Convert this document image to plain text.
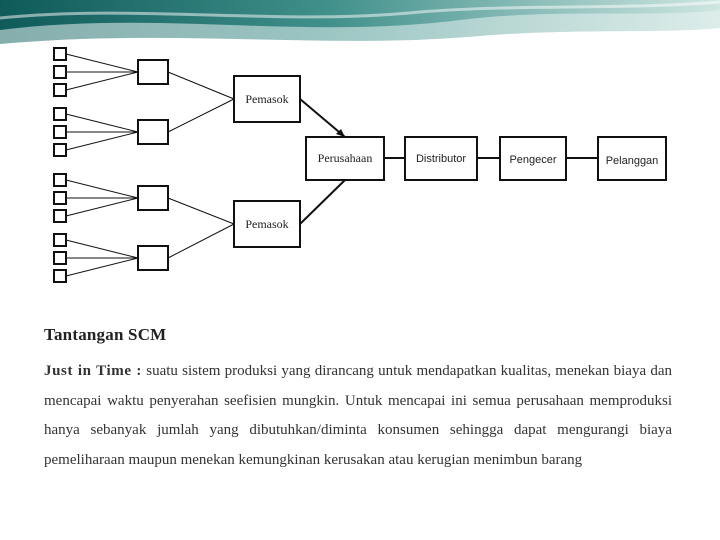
Pemasok
Pemasok
Perusahaan	Distributor	Pengecer	Pelanggan
Tantangan SCM

Just in Time : suatu sistem produksi yang dirancang untuk mendapatkan kualitas, menekan biaya dan mencapai waktu penyerahan seefisien mungkin. Untuk mencapai ini semua perusahaan memproduksi hanya sebanyak jumlah yang dibutuhkan/diminta konsumen sehingga dapat mengurangi biaya pemeliharaan maupun menekan kemungkinan kerusakan atau kerugian menimbun barang
